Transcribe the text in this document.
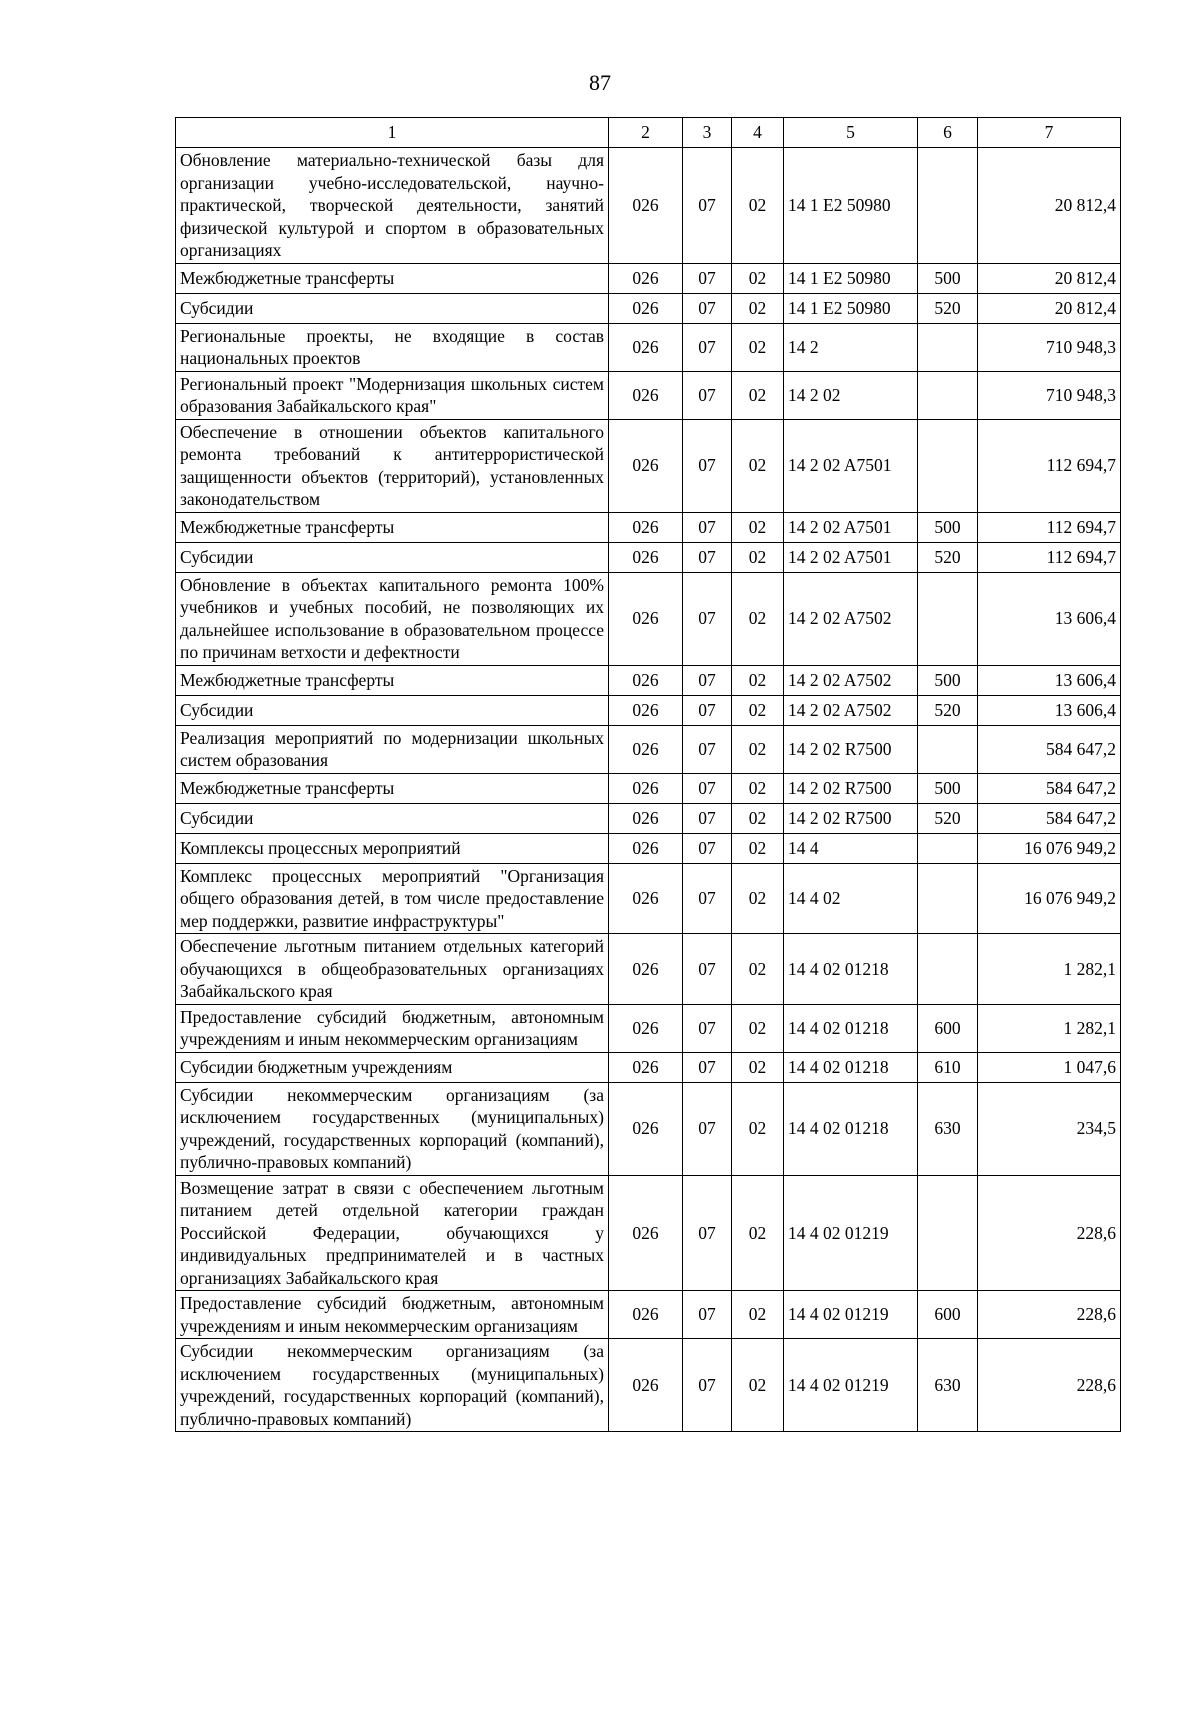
87
1	2	3	4	5	6	7
Обновление материально-технической базы для организации учебно-исследовательской, научно-практической, творческой деятельности, занятий физической культурой и спортом в образовательных организациях	026	07	02	14 1 E2 50980		20 812,4
Межбюджетные трансферты	026	07	02	14 1 E2 50980	500	20 812,4
Субсидии	026	07	02	14 1 E2 50980	520	20 812,4
Региональные проекты, не входящие в состав национальных проектов	026	07	02	14 2		710 948,3
Региональный проект "Модернизация школьных систем образования Забайкальского края"	026	07	02	14 2 02		710 948,3
Обеспечение в отношении объектов капитального ремонта требований к антитеррористической защищенности объектов (территорий), установленных законодательством	026	07	02	14 2 02 A7501		112 694,7
Межбюджетные трансферты	026	07	02	14 2 02 A7501	500	112 694,7
Субсидии	026	07	02	14 2 02 A7501	520	112 694,7
Обновление в объектах капитального ремонта 100% учебников и учебных пособий, не позволяющих их дальнейшее использование в образовательном процессе по причинам ветхости и дефектности	026	07	02	14 2 02 A7502		13 606,4
Межбюджетные трансферты	026	07	02	14 2 02 A7502	500	13 606,4
Субсидии	026	07	02	14 2 02 A7502	520	13 606,4
Реализация мероприятий по модернизации школьных систем образования	026	07	02	14 2 02 R7500		584 647,2
Межбюджетные трансферты	026	07	02	14 2 02 R7500	500	584 647,2
Субсидии	026	07	02	14 2 02 R7500	520	584 647,2
Комплексы процессных мероприятий	026	07	02	14 4		16 076 949,2
Комплекс процессных мероприятий "Организация общего образования детей, в том числе предоставление мер поддержки, развитие инфраструктуры"	026	07	02	14 4 02		16 076 949,2
Обеспечение льготным питанием отдельных категорий обучающихся в общеобразовательных организациях Забайкальского края	026	07	02	14 4 02 01218		1 282,1
Предоставление субсидий бюджетным, автономным учреждениям и иным некоммерческим организациям	026	07	02	14 4 02 01218	600	1 282,1
Субсидии бюджетным учреждениям	026	07	02	14 4 02 01218	610	1 047,6
Субсидии некоммерческим организациям (за исключением государственных (муниципальных) учреждений, государственных корпораций (компаний), публично-правовых компаний)	026	07	02	14 4 02 01218	630	234,5
Возмещение затрат в связи с обеспечением льготным питанием детей отдельной категории граждан Российской Федерации, обучающихся у индивидуальных предпринимателей и в частных организациях Забайкальского края	026	07	02	14 4 02 01219		228,6
Предоставление субсидий бюджетным, автономным учреждениям и иным некоммерческим организациям	026	07	02	14 4 02 01219	600	228,6
Субсидии некоммерческим организациям (за исключением государственных (муниципальных) учреждений, государственных корпораций (компаний), публично-правовых компаний)	026	07	02	14 4 02 01219	630	228,6
